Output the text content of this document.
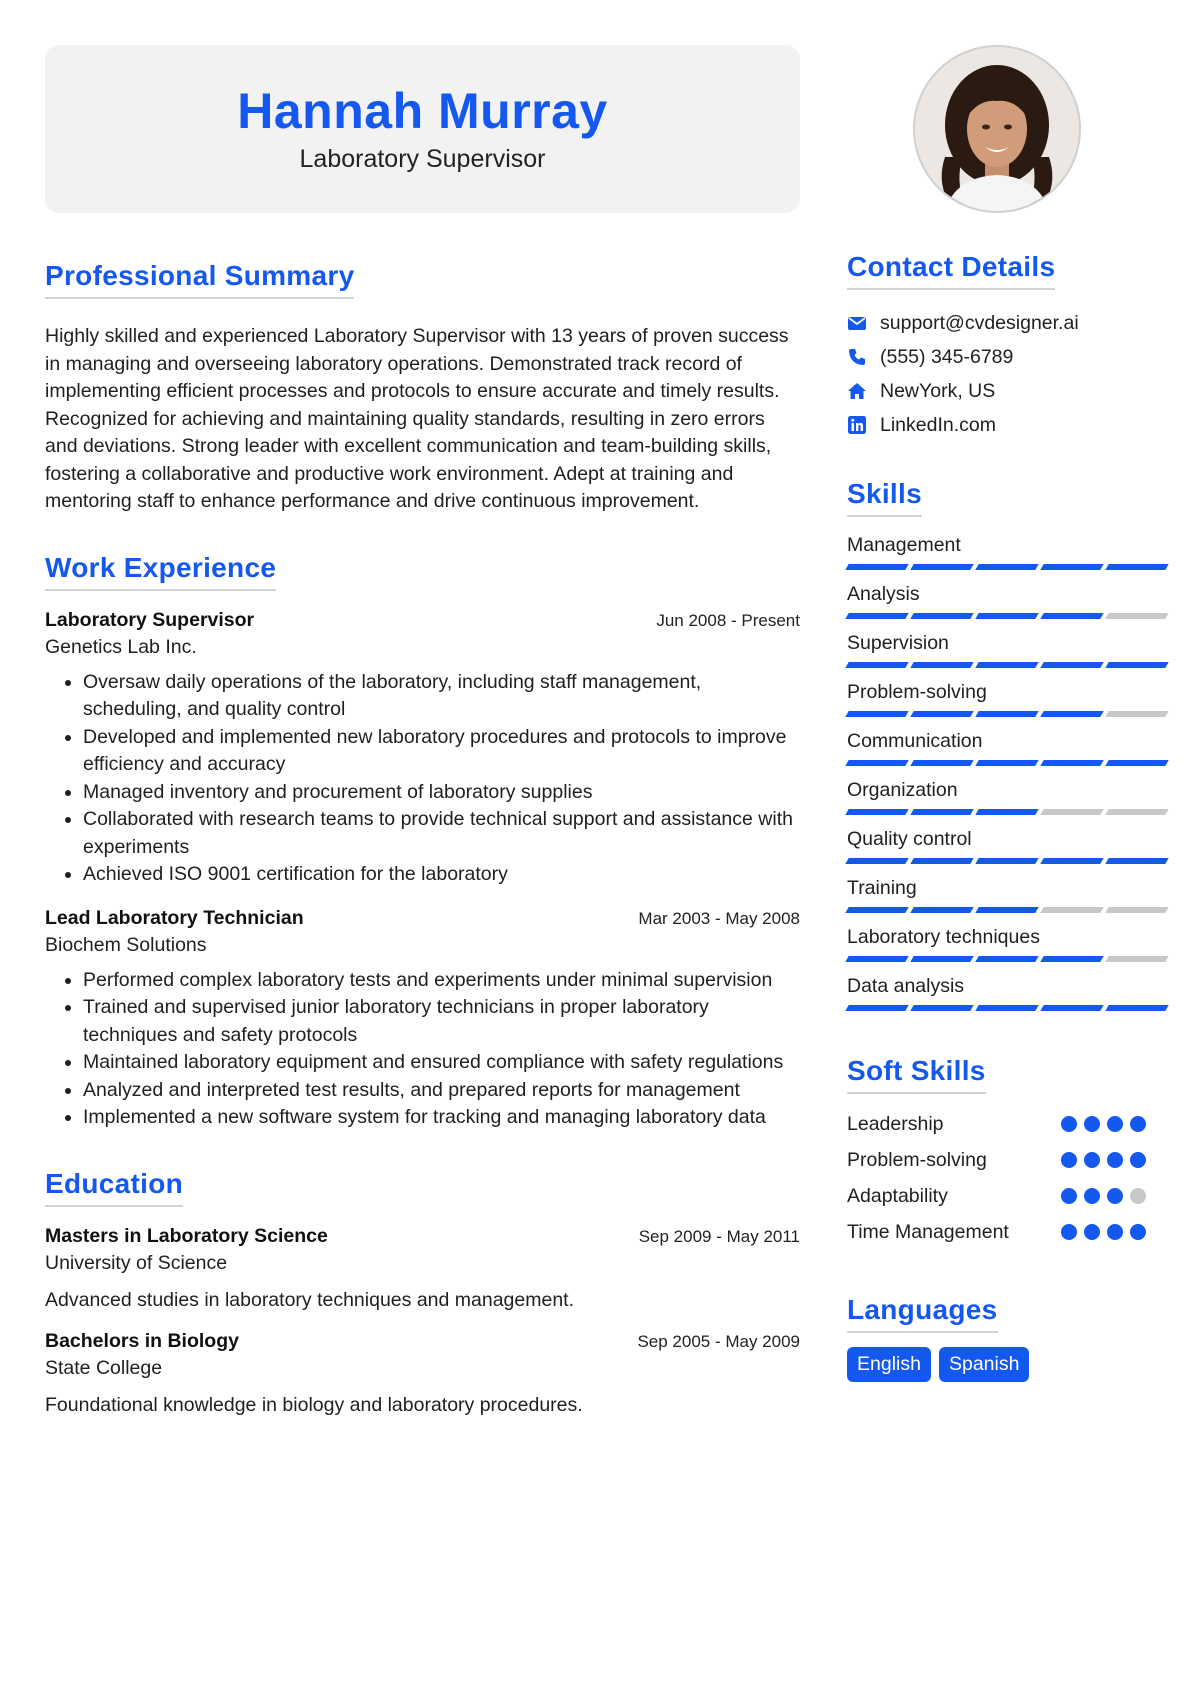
Hannah Murray
Laboratory Supervisor
Professional Summary
Highly skilled and experienced Laboratory Supervisor with 13 years of proven success in managing and overseeing laboratory operations. Demonstrated track record of implementing efficient processes and protocols to ensure accurate and timely results. Recognized for achieving and maintaining quality standards, resulting in zero errors and deviations. Strong leader with excellent communication and team-building skills, fostering a collaborative and productive work environment. Adept at training and mentoring staff to enhance performance and drive continuous improvement.
Work Experience
Laboratory Supervisor	Jun 2008 - Present
Genetics Lab Inc.
• Oversaw daily operations of the laboratory, including staff management, scheduling, and quality control
• Developed and implemented new laboratory procedures and protocols to improve efficiency and accuracy
• Managed inventory and procurement of laboratory supplies
• Collaborated with research teams to provide technical support and assistance with experiments
• Achieved ISO 9001 certification for the laboratory
Lead Laboratory Technician	Mar 2003 - May 2008
Biochem Solutions
• Performed complex laboratory tests and experiments under minimal supervision
• Trained and supervised junior laboratory technicians in proper laboratory techniques and safety protocols
• Maintained laboratory equipment and ensured compliance with safety regulations
• Analyzed and interpreted test results, and prepared reports for management
• Implemented a new software system for tracking and managing laboratory data
Education
Masters in Laboratory Science	Sep 2009 - May 2011
University of Science
Advanced studies in laboratory techniques and management.
Bachelors in Biology	Sep 2005 - May 2009
State College
Foundational knowledge in biology and laboratory procedures.
Contact Details
support@cvdesigner.ai
(555) 345-6789
NewYork, US
LinkedIn.com
Skills
Management
Analysis
Supervision
Problem-solving
Communication
Organization
Quality control
Training
Laboratory techniques
Data analysis
Soft Skills
Leadership
Problem-solving
Adaptability
Time Management
Languages
English	Spanish
